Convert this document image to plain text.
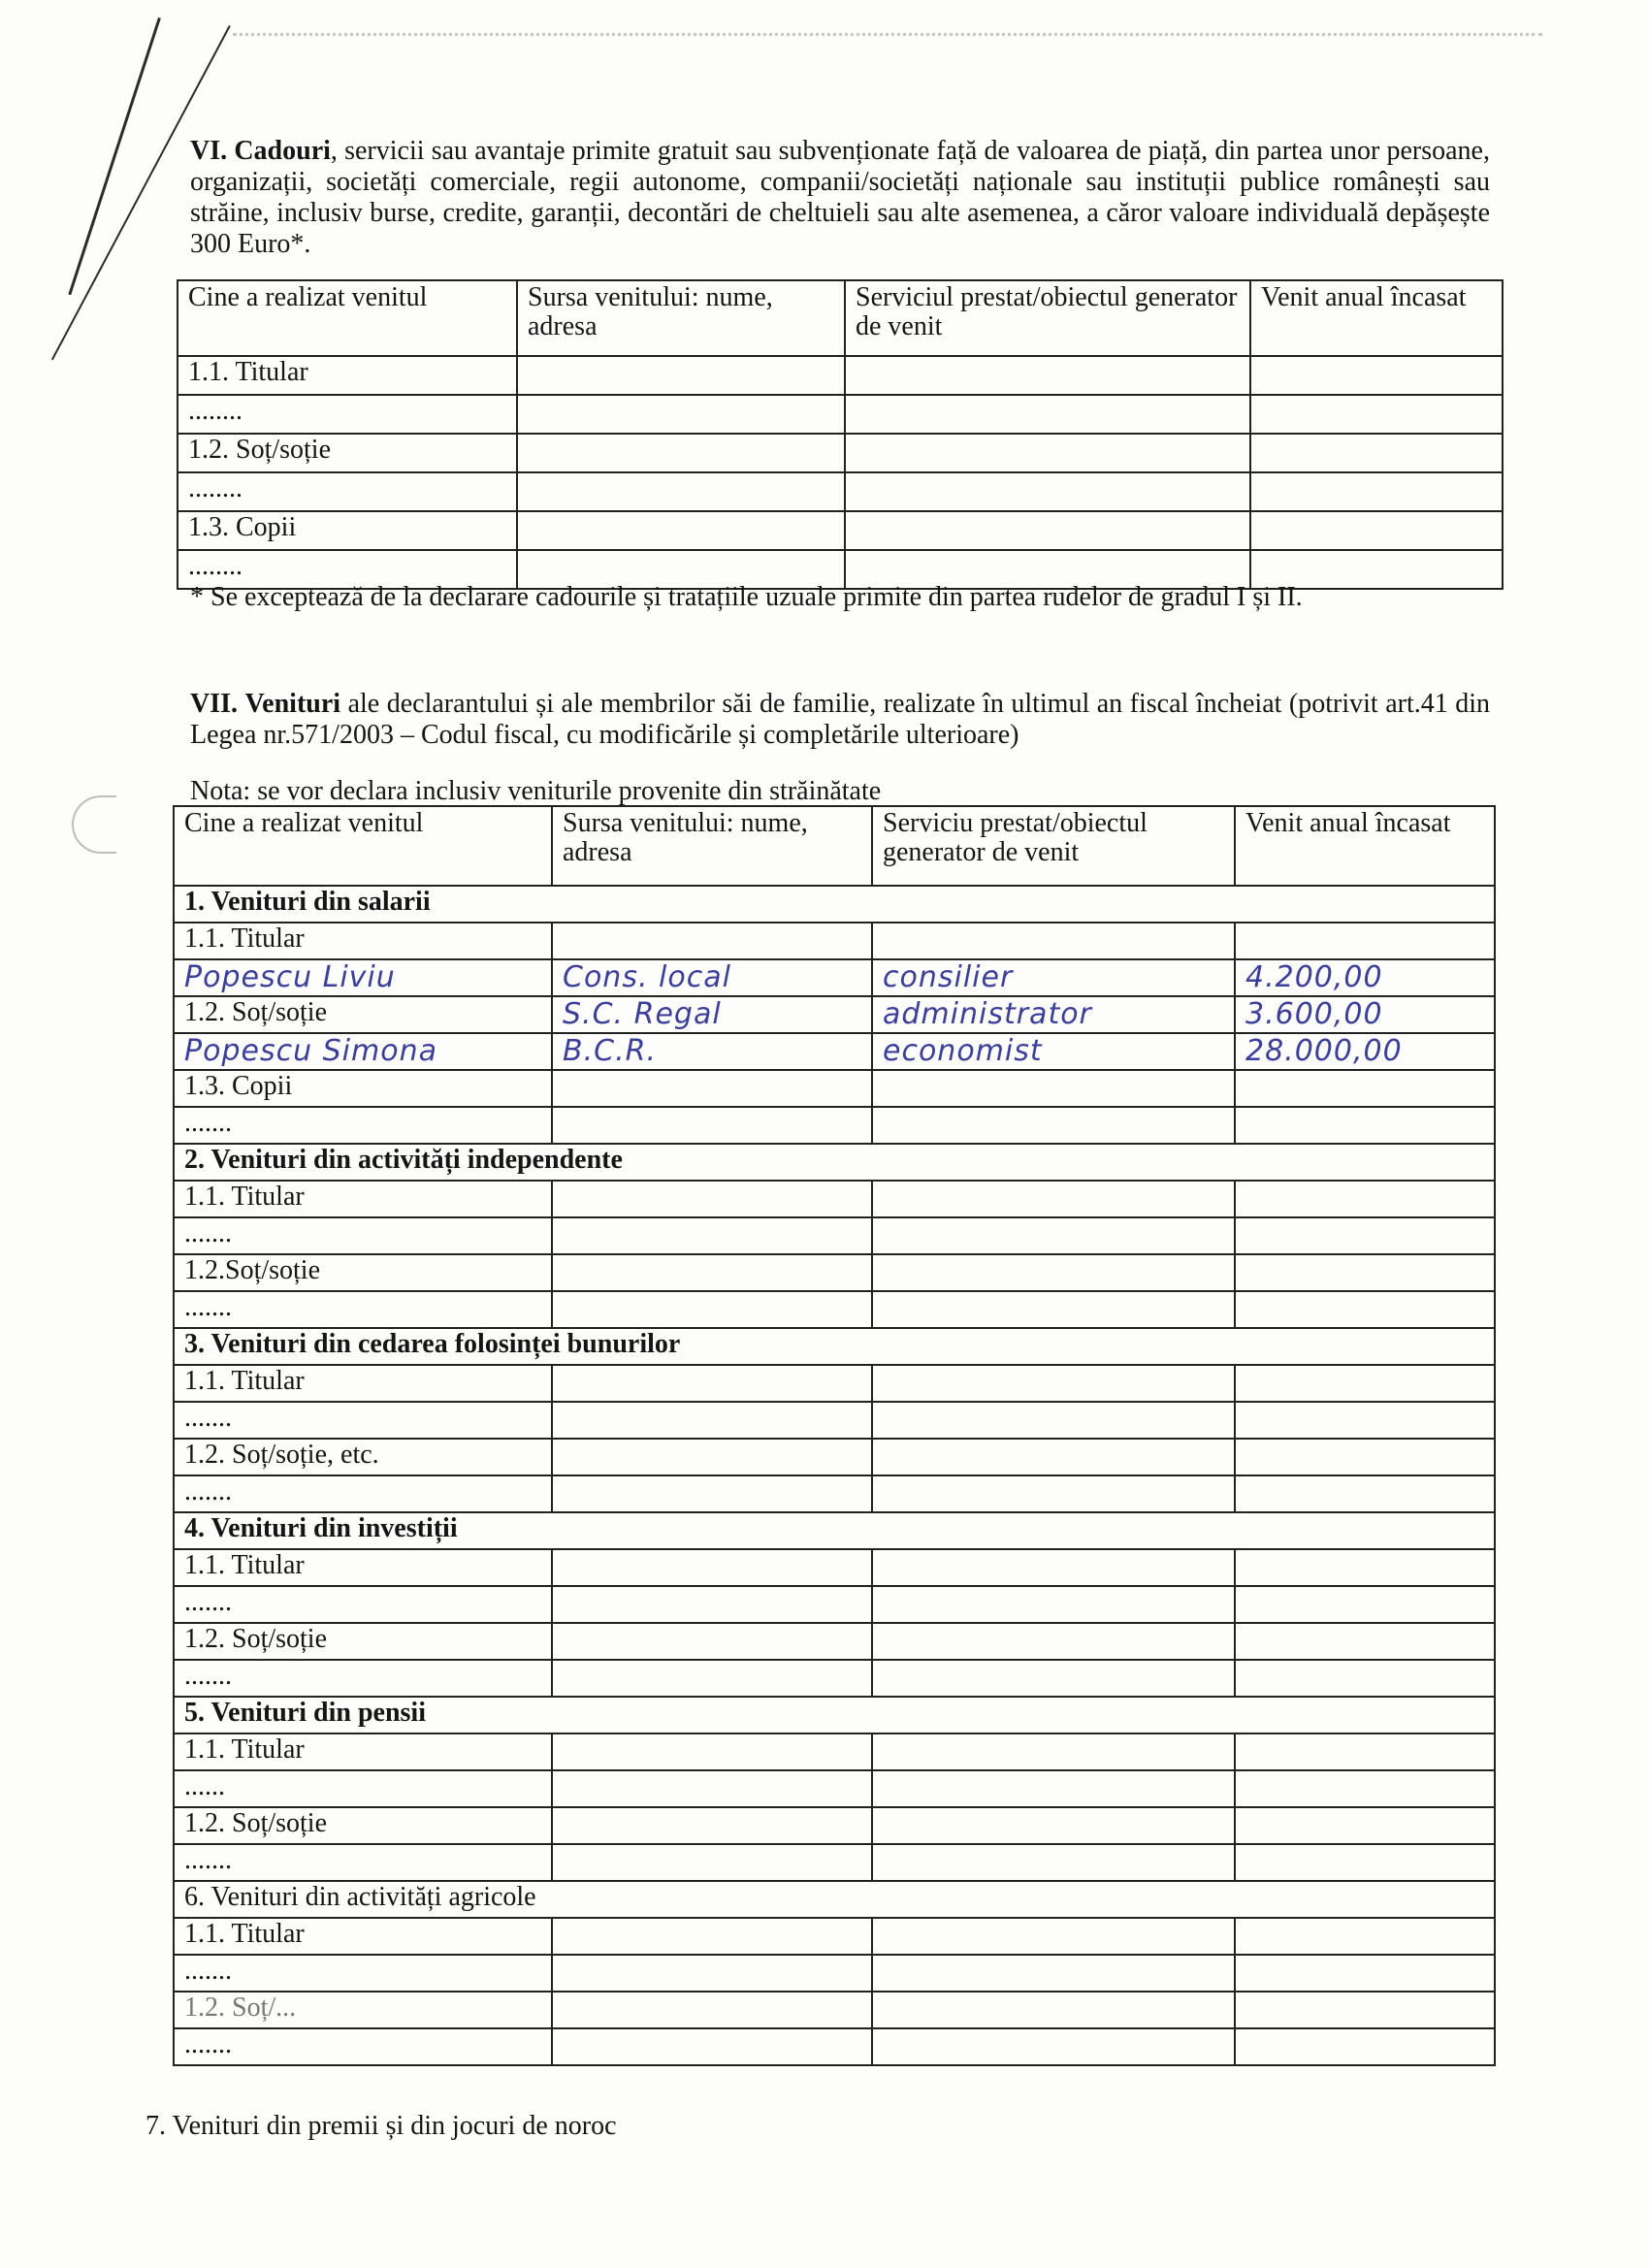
VI. Cadouri, servicii sau avantaje primite gratuit sau subvenționate față de valoarea de piață, din partea unor persoane, organizații, societăți comerciale, regii autonome, companii/societăți naționale sau instituții publice românești sau străine, inclusiv burse, credite, garanții, decontări de cheltuieli sau alte asemenea, a căror valoare individuală depășește 300 Euro*.
Cine a realizat venitul	Sursa venitului: nume, adresa	Serviciul prestat/obiectul generator de venit	Venit anual încasat
1.1. Titular			
........			
1.2. Soț/soție			
........			
1.3. Copii			
........			
* Se exceptează de la declarare cadourile și tratațiile uzuale primite din partea rudelor de gradul I și II.
VII. Venituri ale declarantului și ale membrilor săi de familie, realizate în ultimul an fiscal încheiat (potrivit art.41 din Legea nr.571/2003 – Codul fiscal, cu modificările și completările ulterioare)
Nota: se vor declara inclusiv veniturile provenite din străinătate
Cine a realizat venitul	Sursa venitului: nume, adresa	Serviciu prestat/obiectul generator de venit	Venit anual încasat
1. Venituri din salarii			
1.1. Titular			
Popescu Liviu	Cons. local	consilier	4.200,00
1.2. Soț/soție	S.C. Regal	administrator	3.600,00
Popescu Simona	B.C.R.	economist	28.000,00
1.3. Copii			
.......			
2. Venituri din activități independente			
1.1. Titular			
.......			
1.2.Soț/soție			
.......			
3. Venituri din cedarea folosinței bunurilor			
1.1. Titular			
.......			
1.2. Soț/soție, etc.			
.......			
4. Venituri din investiții			
1.1. Titular			
.......			
1.2. Soț/soție			
.......			
5. Venituri din pensii			
1.1. Titular			
......			
1.2. Soț/soție			
.......			
6. Venituri din activități agricole			
1.1. Titular			
.......			
1.2. Soț/...			
.......			
7. Venituri din premii și din jocuri de noroc
